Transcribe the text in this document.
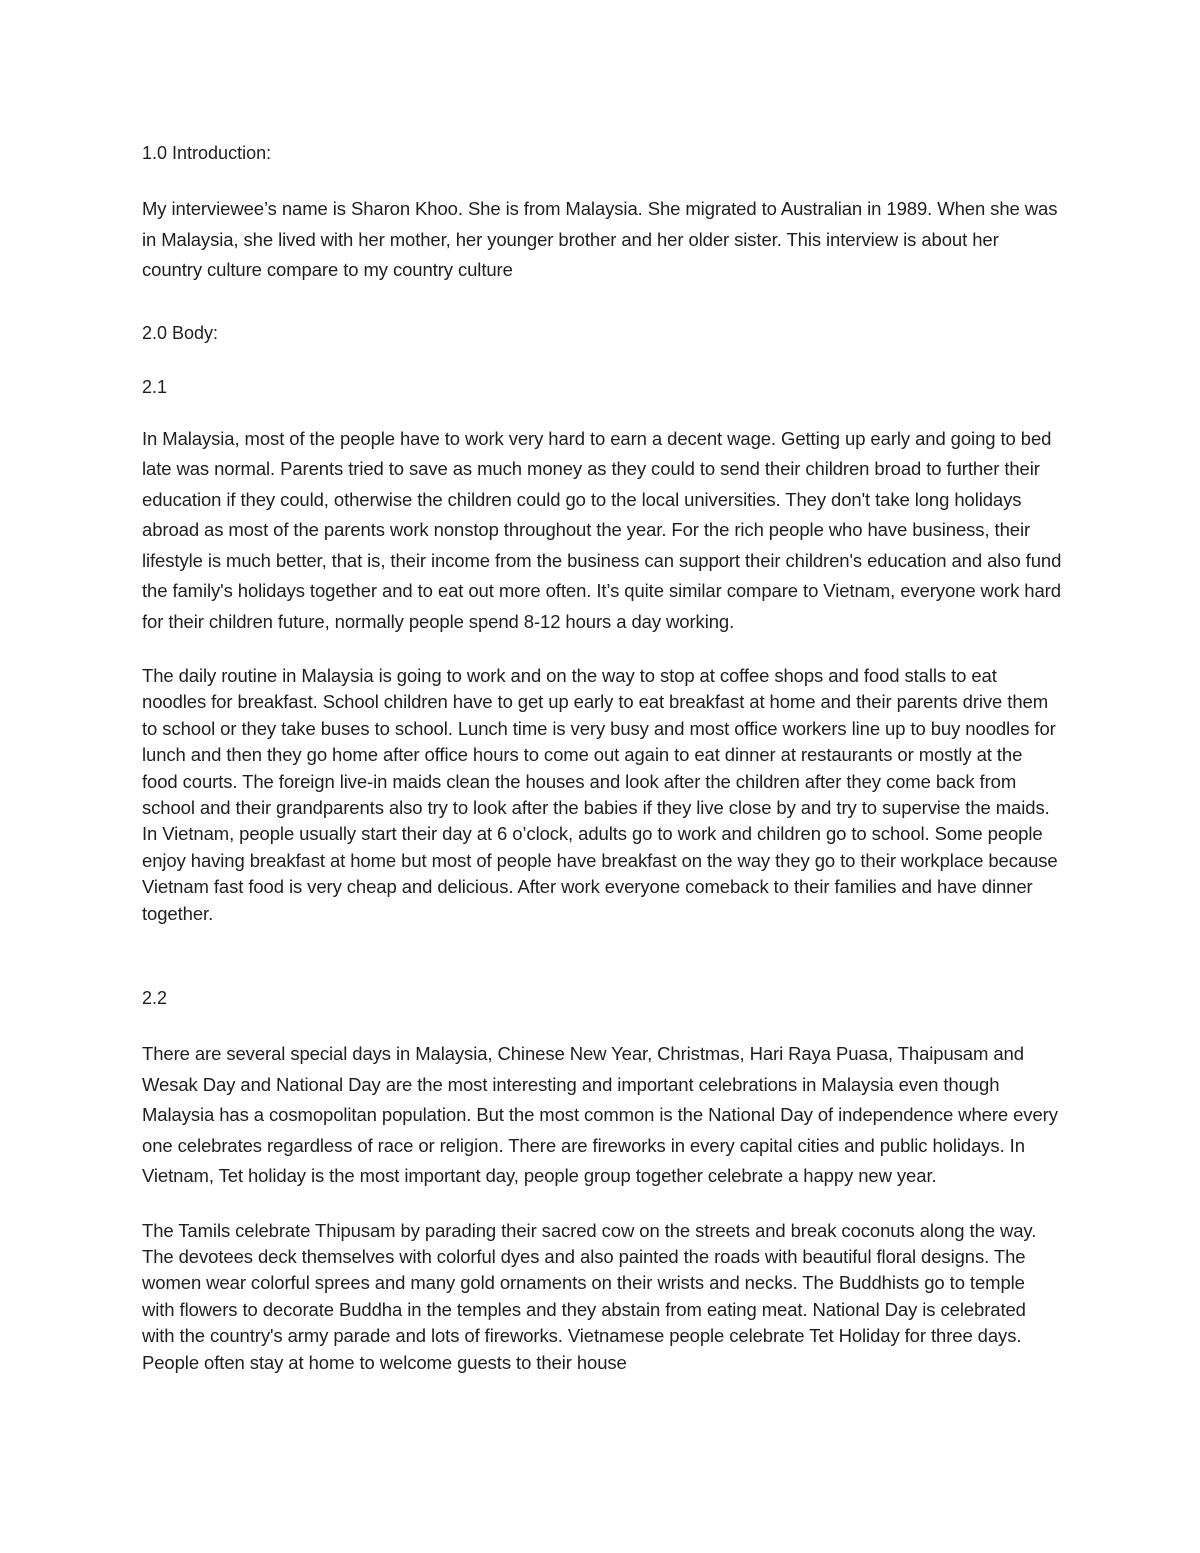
1.0 Introduction:

My interviewee’s name is Sharon Khoo. She is from Malaysia. She migrated to Australian in 1989. When she was in Malaysia, she lived with her mother, her younger brother and her older sister. This interview is about her country culture compare to my country culture

2.0 Body:

2.1

In Malaysia, most of the people have to work very hard to earn a decent wage. Getting up early and going to bed late was normal. Parents tried to save as much money as they could to send their children broad to further their education if they could, otherwise the children could go to the local universities. They don't take long holidays abroad as most of the parents work nonstop throughout the year. For the rich people who have business, their lifestyle is much better, that is, their income from the business can support their children's education and also fund the family's holidays together and to eat out more often. It’s quite similar compare to Vietnam, everyone work hard for their children future, normally people spend 8-12 hours a day working.

The daily routine in Malaysia is going to work and on the way to stop at coffee shops and food stalls to eat noodles for breakfast. School children have to get up early to eat breakfast at home and their parents drive them to school or they take buses to school. Lunch time is very busy and most office workers line up to buy noodles for lunch and then they go home after office hours to come out again to eat dinner at restaurants or mostly at the food courts. The foreign live-in maids clean the houses and look after the children after they come back from school and their grandparents also try to look after the babies if they live close by and try to supervise the maids. In Vietnam, people usually start their day at 6 o’clock, adults go to work and children go to school. Some people enjoy having breakfast at home but most of people have breakfast on the way they go to their workplace because Vietnam fast food is very cheap and delicious. After work everyone comeback to their families and have dinner together.

2.2

There are several special days in Malaysia, Chinese New Year, Christmas, Hari Raya Puasa, Thaipusam and Wesak Day and National Day are the most interesting and important celebrations in Malaysia even though Malaysia has a cosmopolitan population. But the most common is the National Day of independence where every one celebrates regardless of race or religion. There are fireworks in every capital cities and public holidays. In Vietnam, Tet holiday is the most important day, people group together celebrate a happy new year.

The Tamils celebrate Thipusam by parading their sacred cow on the streets and break coconuts along the way. The devotees deck themselves with colorful dyes and also painted the roads with beautiful floral designs. The women wear colorful sprees and many gold ornaments on their wrists and necks. The Buddhists go to temple with flowers to decorate Buddha in the temples and they abstain from eating meat. National Day is celebrated with the country's army parade and lots of fireworks. Vietnamese people celebrate Tet Holiday for three days. People often stay at home to welcome guests to their house
